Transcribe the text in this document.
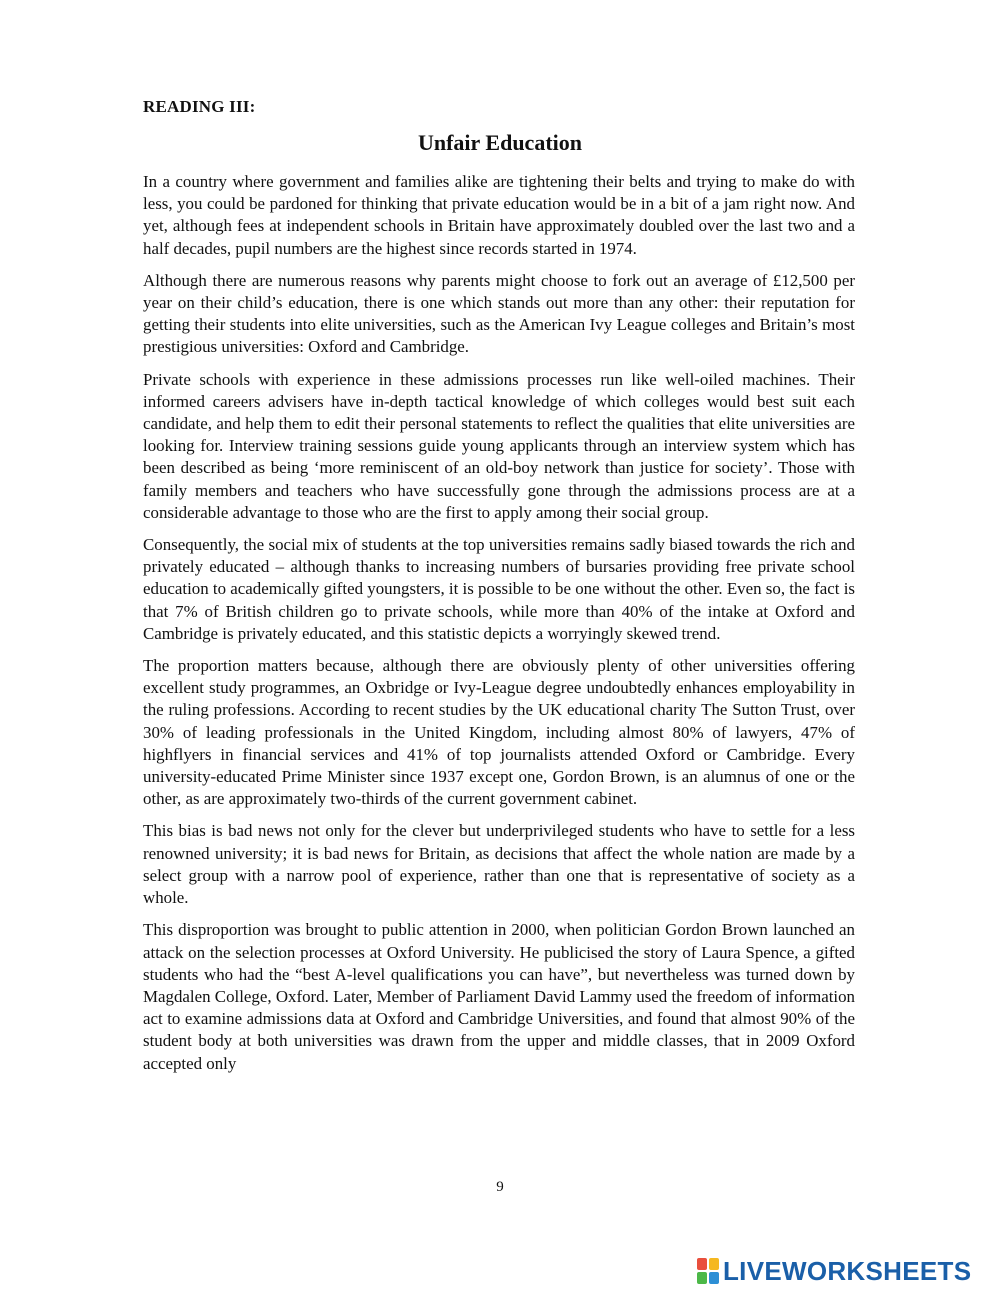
READING III:
Unfair Education

In a country where government and families alike are tightening their belts and trying to make do with less, you could be pardoned for thinking that private education would be in a bit of a jam right now. And yet, although fees at independent schools in Britain have approximately doubled over the last two and a half decades, pupil numbers are the highest since records started in 1974.

Although there are numerous reasons why parents might choose to fork out an average of £12,500 per year on their child’s education, there is one which stands out more than any other: their reputation for getting their students into elite universities, such as the American Ivy League colleges and Britain’s most prestigious universities: Oxford and Cambridge.

Private schools with experience in these admissions processes run like well-oiled machines. Their informed careers advisers have in-depth tactical knowledge of which colleges would best suit each candidate, and help them to edit their personal statements to reflect the qualities that elite universities are looking for. Interview training sessions guide young applicants through an interview system which has been described as being ‘more reminiscent of an old-boy network than justice for society’. Those with family members and teachers who have successfully gone through the admissions process are at a considerable advantage to those who are the first to apply among their social group.

Consequently, the social mix of students at the top universities remains sadly biased towards the rich and privately educated – although thanks to increasing numbers of bursaries providing free private school education to academically gifted youngsters, it is possible to be one without the other. Even so, the fact is that 7% of British children go to private schools, while more than 40% of the intake at Oxford and Cambridge is privately educated, and this statistic depicts a worryingly skewed trend.

The proportion matters because, although there are obviously plenty of other universities offering excellent study programmes, an Oxbridge or Ivy-League degree undoubtedly enhances employability in the ruling professions. According to recent studies by the UK educational charity The Sutton Trust, over 30% of leading professionals in the United Kingdom, including almost 80% of lawyers, 47% of highflyers in financial services and 41% of top journalists attended Oxford or Cambridge. Every university-educated Prime Minister since 1937 except one, Gordon Brown, is an alumnus of one or the other, as are approximately two-thirds of the current government cabinet.

This bias is bad news not only for the clever but underprivileged students who have to settle for a less renowned university; it is bad news for Britain, as decisions that affect the whole nation are made by a select group with a narrow pool of experience, rather than one that is representative of society as a whole.

This disproportion was brought to public attention in 2000, when politician Gordon Brown launched an attack on the selection processes at Oxford University. He publicised the story of Laura Spence, a gifted students who had the “best A-level qualifications you can have”, but nevertheless was turned down by Magdalen College, Oxford. Later, Member of Parliament David Lammy used the freedom of information act to examine admissions data at Oxford and Cambridge Universities, and found that almost 90% of the student body at both universities was drawn from the upper and middle classes, that in 2009 Oxford accepted only

9
LIVEWORKSHEETS
